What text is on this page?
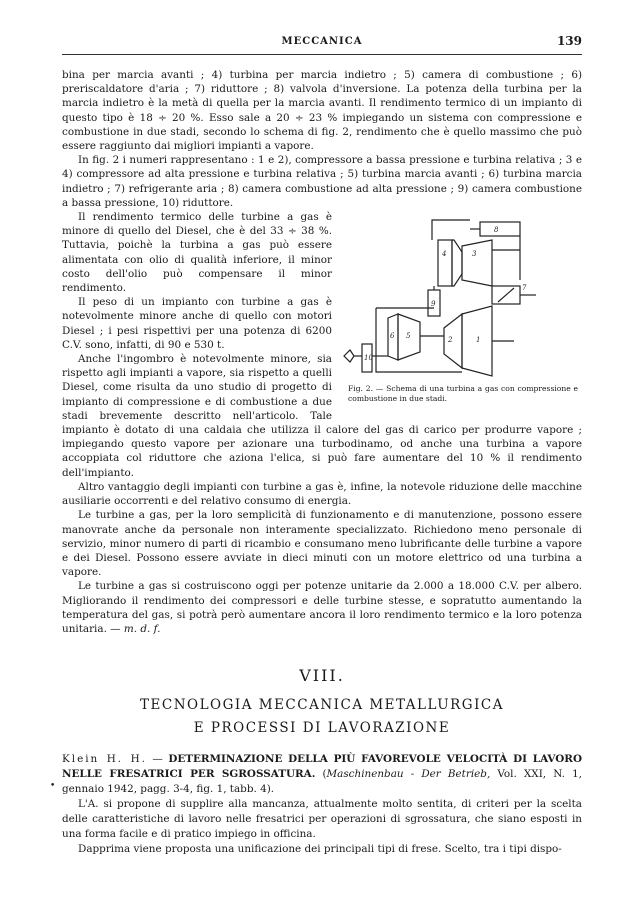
MECCANICA	139

bina per marcia avanti ; 4) turbina per marcia indietro ; 5) camera di combustione ; 6) preriscaldatore d'aria ; 7) riduttore ; 8) valvola d'inversione. La potenza della turbina per la marcia indietro è la metà di quella per la marcia avanti. Il rendimento termico di un impianto di questo tipo è 18 ÷ 20 %. Esso sale a 20 ÷ 23 % impiegando un sistema con compressione e combustione in due stadi, secondo lo schema di fig. 2, rendimento che è quello massimo che può essere raggiunto dai migliori impianti a vapore.

In fig. 2 i numeri rappresentano : 1 e 2), compressore a bassa pressione e turbina relativa ; 3 e 4) compressore ad alta pressione e turbina relativa ; 5) turbina marcia avanti ; 6) turbina marcia indietro ; 7) refrigerante aria ; 8) camera combustione ad alta pressione ; 9) camera combustione a bassa pressione, 10) riduttore.

8
4	3
9
7
6 5	2	1
10
Fig. 2. — Schema di una turbina a gas con compressione e combustione in due stadi.

Il rendimento termico delle turbine a gas è minore di quello del Diesel, che è del 33 ÷ 38 %. Tuttavia, poichè la turbina a gas può essere alimentata con olio di qualità inferiore, il minor costo dell'olio può compensare il minor rendimento.

Il peso di un impianto con turbine a gas è notevolmente minore anche di quello con motori Diesel ; i pesi rispettivi per una potenza di 6200 C.V. sono, infatti, di 90 e 530 t.

Anche l'ingombro è notevolmente minore, sia rispetto agli impianti a vapore, sia rispetto a quelli Diesel, come risulta da uno studio di progetto di impianto di compressione e di combustione a due stadi brevemente descritto nell'articolo. Tale impianto è dotato di una caldaia che utilizza il calore del gas di carico per produrre vapore ; impiegando questo vapore per azionare una turbodinamo, od anche una turbina a vapore accoppiata col riduttore che aziona l'elica, si può fare aumentare del 10 % il rendimento dell'impianto.

Altro vantaggio degli impianti con turbine a gas è, infine, la notevole riduzione delle macchine ausiliarie occorrenti e del relativo consumo di energia.

Le turbine a gas, per la loro semplicità di funzionamento e di manutenzione, possono essere manovrate anche da personale non interamente specializzato. Richiedono meno personale di servizio, minor numero di parti di ricambio e consumano meno lubrificante delle turbine a vapore e dei Diesel. Possono essere avviate in dieci minuti con un motore elettrico od una turbina a vapore.

Le turbine a gas si costruiscono oggi per potenze unitarie da 2.000 a 18.000 C.V. per albero. Migliorando il rendimento dei compressori e delle turbine stesse, e sopratutto aumentando la temperatura del gas, si potrà però aumentare ancora il loro rendimento termico e la loro potenza unitaria. — m. d. f.

VIII.
TECNOLOGIA MECCANICA METALLURGICA
E PROCESSI DI LAVORAZIONE
•

Klein H. H. — DETERMINAZIONE DELLA PIÙ FAVOREVOLE VELOCITÀ DI LAVORO NELLE FRESATRICI PER SGROSSATURA. (Maschinenbau - Der Betrieb, Vol. XXI, N. 1, gennaio 1942, pagg. 3-4, fig. 1, tabb. 4).

L'A. si propone di supplire alla mancanza, attualmente molto sentita, di criteri per la scelta delle caratteristiche di lavoro nelle fresatrici per operazioni di sgrossatura, che siano esposti in una forma facile e di pratico impiego in officina.

Dapprima viene proposta una unificazione dei principali tipi di frese. Scelto, tra i tipi dispo-
